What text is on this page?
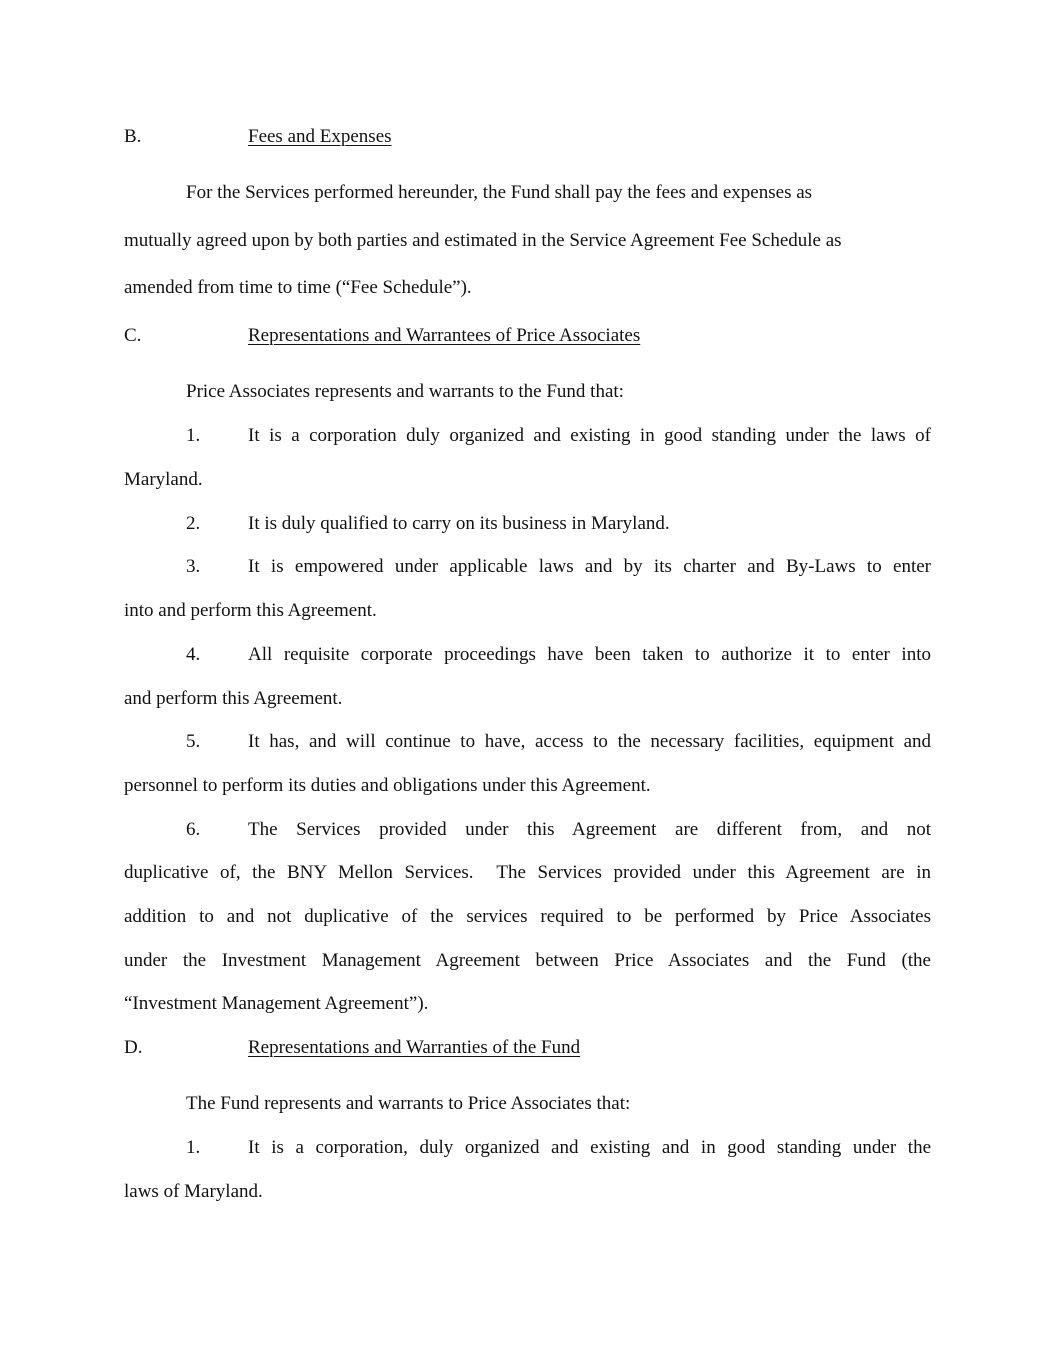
B.	Fees and Expenses
For the Services performed hereunder, the Fund shall pay the fees and expenses as
mutually agreed upon by both parties and estimated in the Service Agreement Fee Schedule as
amended from time to time (“Fee Schedule”).
C.	Representations and Warrantees of Price Associates
Price Associates represents and warrants to the Fund that:
1.	It is a corporation duly organized and existing in good standing under the laws of
Maryland.
2.	It is duly qualified to carry on its business in Maryland.
3.	It is empowered under applicable laws and by its charter and By-Laws to enter
into and perform this Agreement.
4.	All requisite corporate proceedings have been taken to authorize it to enter into
and perform this Agreement.
5.	It has, and will continue to have, access to the necessary facilities, equipment and
personnel to perform its duties and obligations under this Agreement.
6.	The Services provided under this Agreement are different from, and not
duplicative of, the BNY Mellon Services.  The Services provided under this Agreement are in
addition to and not duplicative of the services required to be performed by Price Associates
under the Investment Management Agreement between Price Associates and the Fund (the
“Investment Management Agreement”).
D.	Representations and Warranties of the Fund
The Fund represents and warrants to Price Associates that:
1.	It is a corporation, duly organized and existing and in good standing under the
laws of Maryland.
